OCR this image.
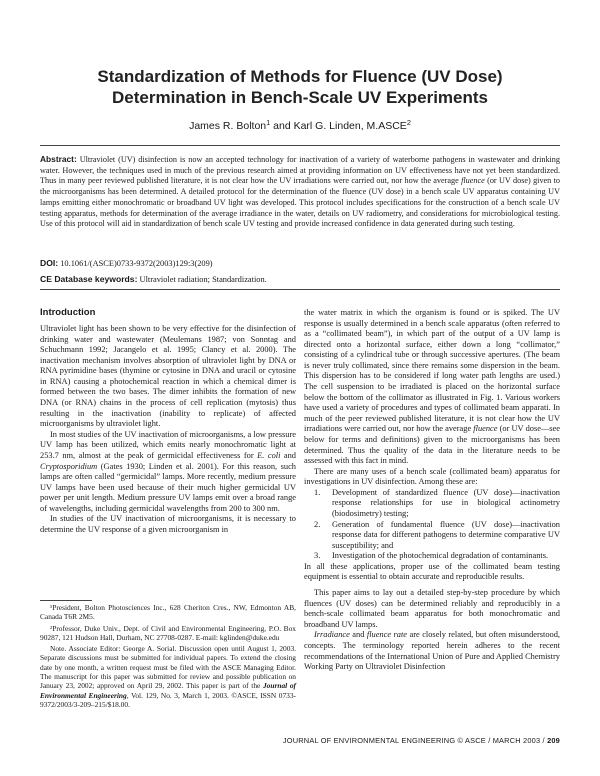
Standardization of Methods for Fluence (UV Dose)
Determination in Bench-Scale UV Experiments
James R. Bolton$^1$ and Karl G. Linden, M.ASCE$^2$
Abstract: Ultraviolet (UV) disinfection is now an accepted technology for inactivation of a variety of waterborne pathogens in wastewater and drinking water. However, the techniques used in much of the previous research aimed at providing information on UV effectiveness have not yet been standardized. Thus in many peer reviewed published literature, it is not clear how the UV irradiations were carried out, nor how the average fluence (or UV dose) given to the microorganisms has been determined. A detailed protocol for the determination of the fluence (UV dose) in a bench scale UV apparatus containing UV lamps emitting either monochromatic or broadband UV light was developed. This protocol includes specifications for the construction of a bench scale UV testing apparatus, methods for determination of the average irradiance in the water, details on UV radiometry, and considerations for microbiological testing. Use of this protocol will aid in standardization of bench scale UV testing and provide increased confidence in data generated during such testing.
DOI: 10.1061/(ASCE)0733-9372(2003)129:3(209)
CE Database keywords: Ultraviolet radiation; Standardization.
Introduction

Ultraviolet light has been shown to be very effective for the disinfection of drinking water and wastewater (Meulemans 1987; von Sonntag and Schuchmann 1992; Jacangelo et al. 1995; Clancy et al. 2000). The inactivation mechanism involves absorption of ultraviolet light by DNA or RNA pyrimidine bases (thymine or cytosine in DNA and uracil or cytosine in RNA) causing a photochemical reaction in which a chemical dimer is formed between the two bases. The dimer inhibits the formation of new DNA (or RNA) chains in the process of cell replication (mytosis) thus resulting in the inactivation (inability to replicate) of affected microorganisms by ultraviolet light.

In most studies of the UV inactivation of microorganisms, a low pressure UV lamp has been utilized, which emits nearly monochromatic light at 253.7 nm, almost at the peak of germicidal effectiveness for E. coli and Cryptosporidium (Gates 1930; Linden et al. 2001). For this reason, such lamps are often called “germicidal” lamps. More recently, medium pressure UV lamps have been used because of their much higher germicidal UV power per unit length. Medium pressure UV lamps emit over a broad range of wavelengths, including germicidal wavelengths from 200 to 300 nm.

In studies of the UV inactivation of microorganisms, it is necessary to determine the UV response of a given microorganism in

¹President, Bolton Photosciences Inc., 628 Cheriton Cres., NW, Edmonton AB, Canada T6R 2M5.

²Professor, Duke Univ., Dept. of Civil and Environmental Engineering, P.O. Box 90287, 121 Hudson Hall, Durham, NC 27708-0287. E-mail: kglinden@duke.edu

Note. Associate Editor: George A. Sorial. Discussion open until August 1, 2003. Separate discussions must be submitted for individual papers. To extend the closing date by one month, a written request must be filed with the ASCE Managing Editor. The manuscript for this paper was submitted for review and possible publication on January 23, 2002; approved on April 29, 2002. This paper is part of the Journal of Environmental Engineering, Vol. 129, No. 3, March 1, 2003. ©ASCE, ISSN 0733-9372/2003/3-209–215/$18.00.

the water matrix in which the organism is found or is spiked. The UV response is usually determined in a bench scale apparatus (often referred to as a “collimated beam”), in which part of the output of a UV lamp is directed onto a horizontal surface, either down a long “collimator,” consisting of a cylindrical tube or through successive apertures. (The beam is never truly collimated, since there remains some dispersion in the beam. This dispersion has to be considered if long water path lengths are used.) The cell suspension to be irradiated is placed on the horizontal surface below the bottom of the collimator as illustrated in Fig. 1. Various workers have used a variety of procedures and types of collimated beam apparati. In much of the peer reviewed published literature, it is not clear how the UV irradiations were carried out, nor how the average fluence (or UV dose—see below for terms and definitions) given to the microorganisms has been determined. Thus the quality of the data in the literature needs to be assessed with this fact in mind.

There are many uses of a bench scale (collimated beam) apparatus for investigations in UV disinfection. Among these are:

1. Development of standardized fluence (UV dose)—inactivation response relationships for use in biological actinometry (biodosimetry) testing;
2. Generation of fundamental fluence (UV dose)—inactivation response data for different pathogens to determine comparative UV susceptibility; and
3. Investigation of the photochemical degradation of contaminants.

In all these applications, proper use of the collimated beam testing equipment is essential to obtain accurate and reproducible results.

This paper aims to lay out a detailed step-by-step procedure by which fluences (UV doses) can be determined reliably and reproducibly in a bench-scale collimated beam apparatus for both monochromatic and broadband UV lamps.

Irradiance and fluence rate are closely related, but often misunderstood, concepts. The terminology reported herein adheres to the recent recommendations of the International Union of Pure and Applied Chemistry Working Party on Ultraviolet Disinfection

JOURNAL OF ENVIRONMENTAL ENGINEERING © ASCE / MARCH 2003 / 209
